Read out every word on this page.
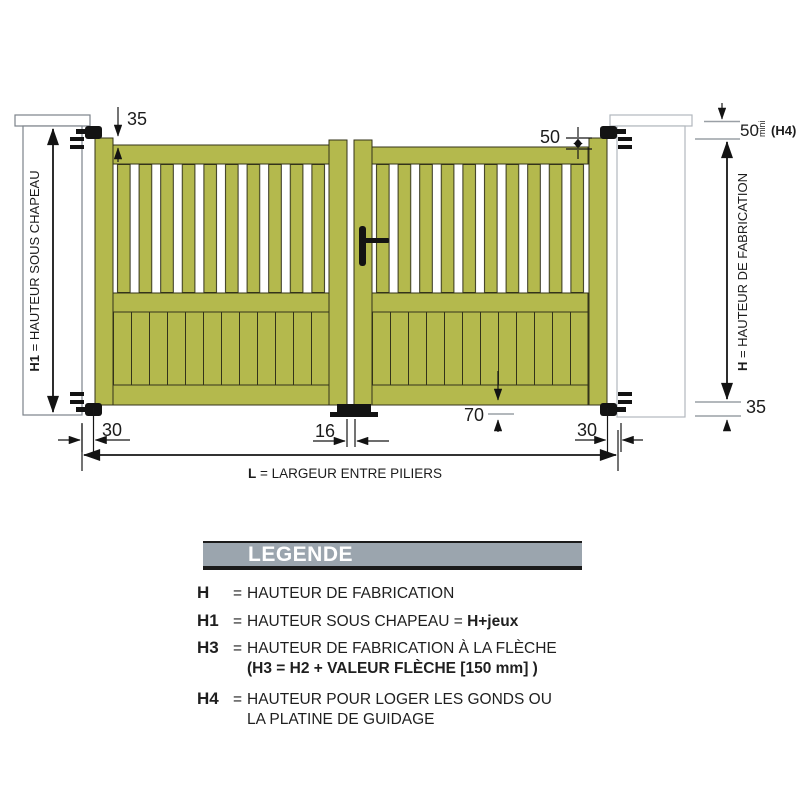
H1 = HAUTEUR SOUS CHAPEAU
35
50	50
mini (H4)
H = HAUTEUR DE FABRICATION
35
70
16
30	30
L = LARGEUR ENTRE PILIERS
LEGENDE
H = HAUTEUR DE FABRICATION
H1 = HAUTEUR SOUS CHAPEAU = H+jeux
H3 = HAUTEUR DE FABRICATION À LA FLÈCHE
(H3 = H2 + VALEUR FLÈCHE [150 mm] )
H4 = HAUTEUR POUR LOGER LES GONDS OU
LA PLATINE DE GUIDAGE
